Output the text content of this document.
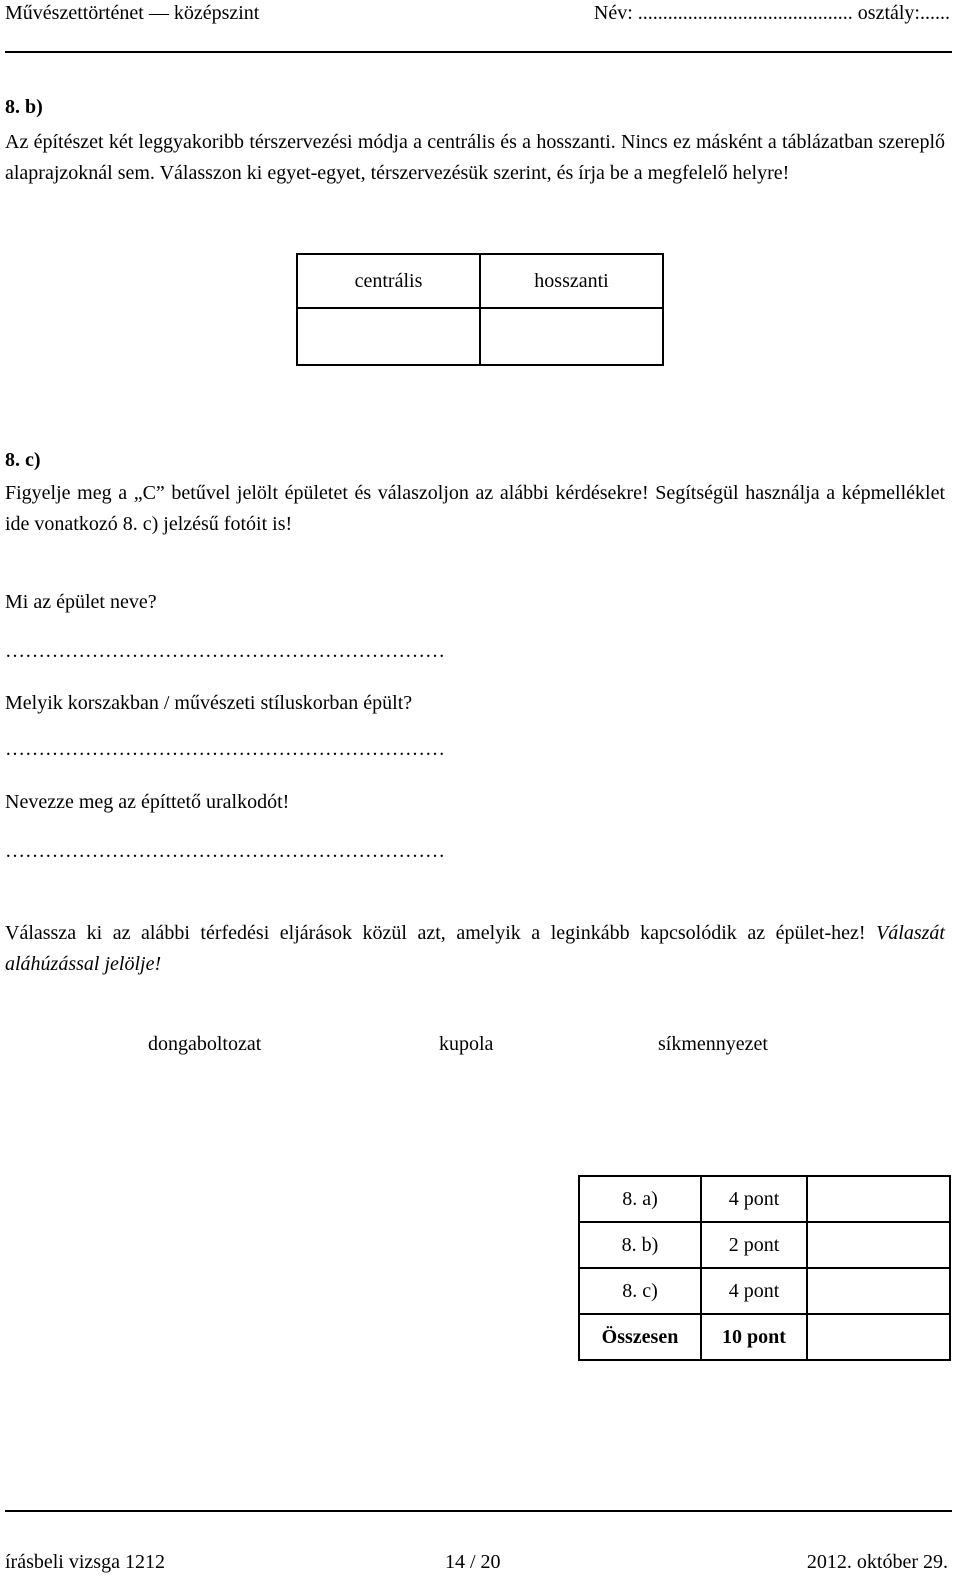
Művészettörténet — középszint	Név: ........................................... osztály:......
8. b)
Az építészet két leggyakoribb térszervezési módja a centrális és a hosszanti. Nincs ez másként a táblázatban szereplő alaprajzoknál sem. Válasszon ki egyet-egyet, térszervezésük szerint, és írja be a megfelelő helyre!
centrális	hosszanti

8. c)
Figyelje meg a „C” betűvel jelölt épületet és válaszoljon az alábbi kérdésekre! Segítségül használja a képmelléklet ide vonatkozó 8. c) jelzésű fotóit is!
Mi az épület neve?
…………………………………………………………
Melyik korszakban / művészeti stíluskorban épült?
…………………………………………………………
Nevezze meg az építtető uralkodót!
…………………………………………………………
Válassza ki az alábbi térfedési eljárások közül azt, amelyik a leginkább kapcsolódik az épület-hez! Válaszát aláhúzással jelölje!
dongaboltozat	kupola	síkmennyezet
8. a)	4 pont	
8. b)	2 pont	
8. c)	4 pont	
Összesen	10 pont	
írásbeli vizsga 1212	14 / 20	2012. október 29.
